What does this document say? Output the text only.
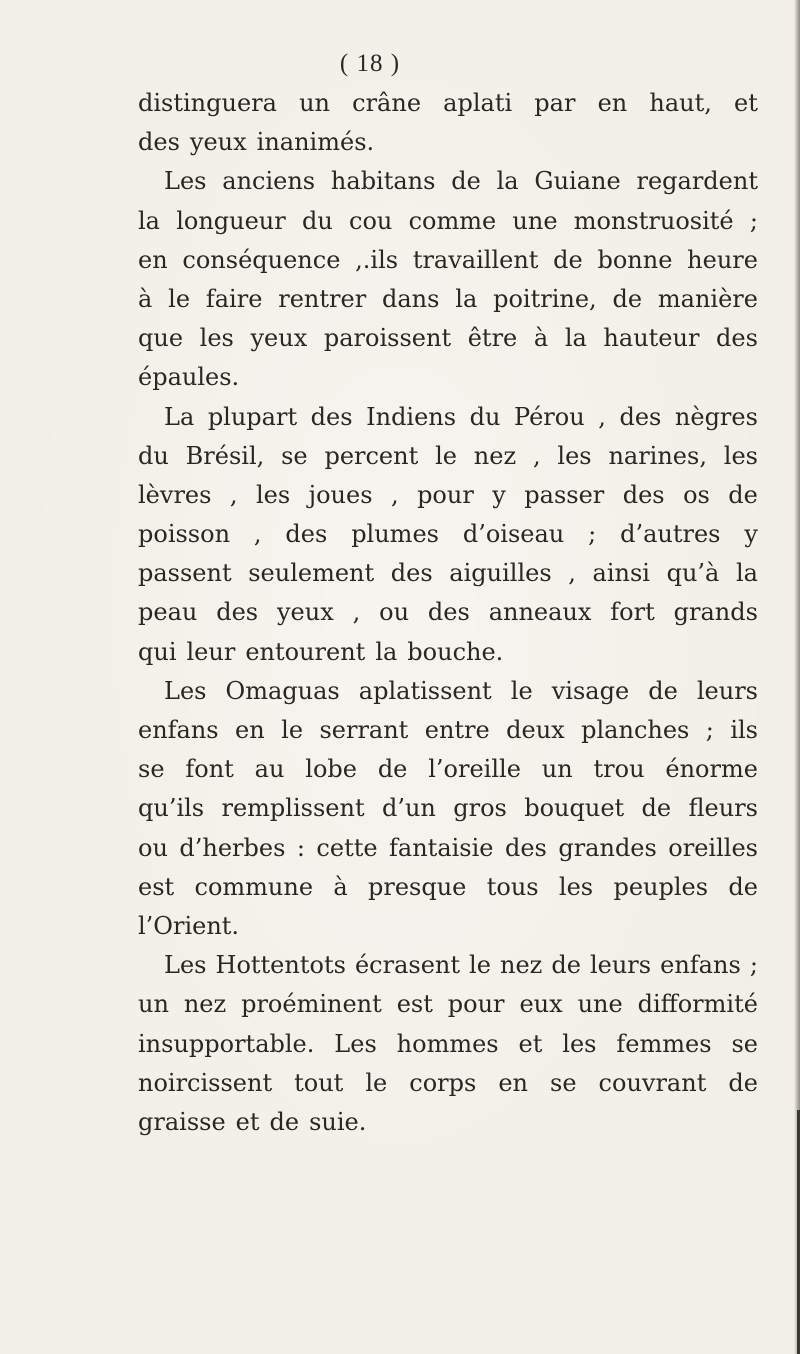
( 18 )
distinguera un crâne aplati par en haut, et
des yeux inanimés.
Les anciens habitans de la Guiane regardent
la longueur du cou comme une monstruosité ;
en conséquence ,.ils travaillent de bonne heure
à le faire rentrer dans la poitrine, de manière
que les yeux paroissent être à la hauteur des
épaules.
La plupart des Indiens du Pérou , des nègres
du Brésil, se percent le nez , les narines, les
lèvres , les joues , pour y passer des os de
poisson , des plumes d’oiseau ; d’autres y
passent seulement des aiguilles , ainsi qu’à la
peau des yeux , ou des anneaux fort grands
qui leur entourent la bouche.
Les Omaguas aplatissent le visage de leurs
enfans en le serrant entre deux planches ; ils
se font au lobe de l’oreille un trou énorme
qu’ils remplissent d’un gros bouquet de fleurs
ou d’herbes : cette fantaisie des grandes oreilles
est commune à presque tous les peuples de
l’Orient.
Les Hottentots écrasent le nez de leurs enfans ;
un nez proéminent est pour eux une difformité
insupportable. Les hommes et les femmes se
noircissent tout le corps en se couvrant de
graisse et de suie.
